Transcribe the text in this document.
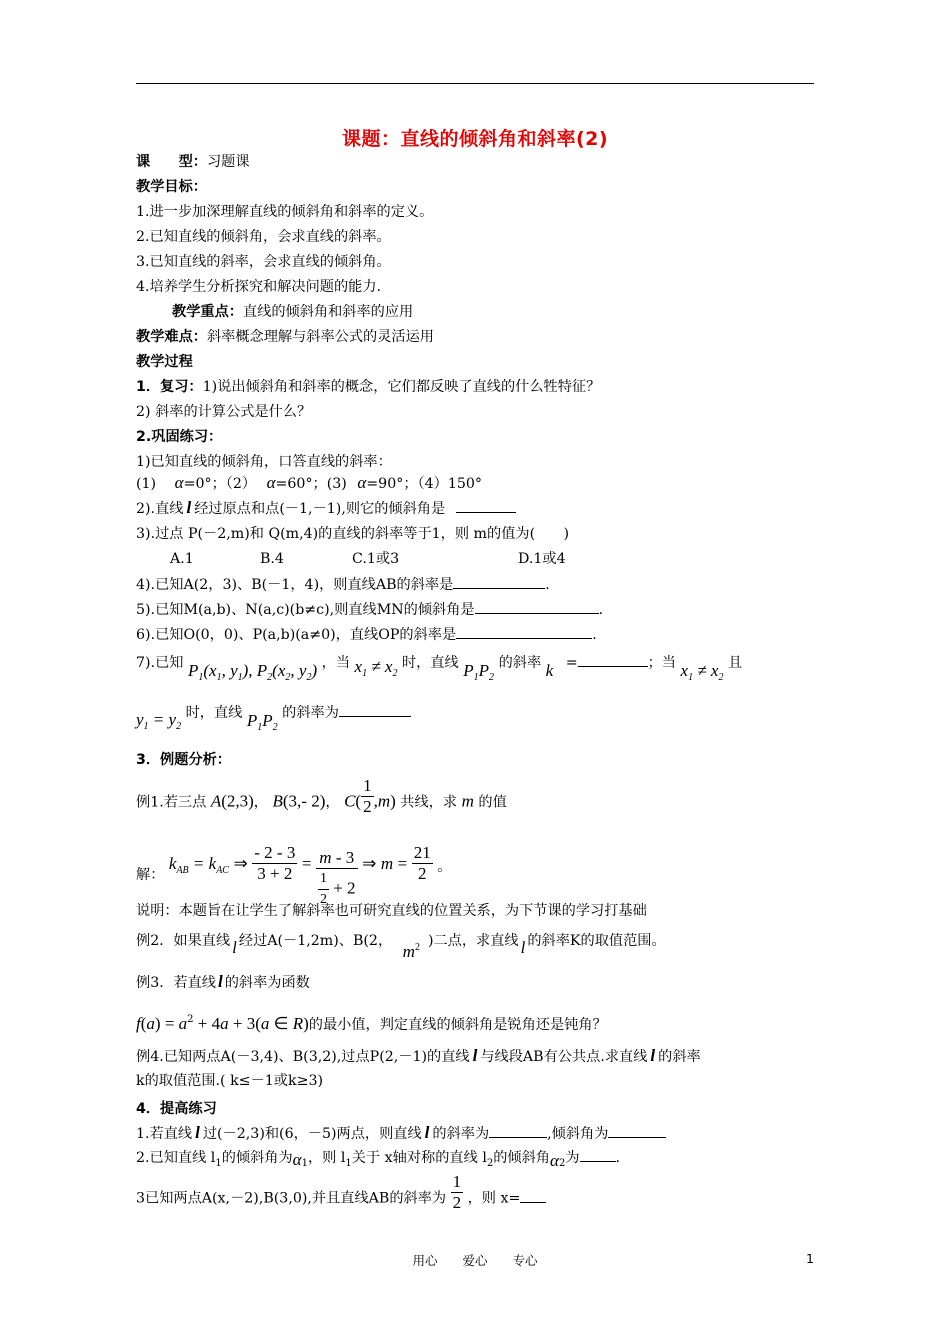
课题：直线的倾斜角和斜率(2)
课　　型：习题课
教学目标：
1.进一步加深理解直线的倾斜角和斜率的定义。
2.已知直线的倾斜角，会求直线的斜率。
3.已知直线的斜率，会求直线的倾斜角。
4.培养学生分析探究和解决问题的能力.
教学重点：直线的倾斜角和斜率的应用
教学难点：斜率概念理解与斜率公式的灵活运用
教学过程
1．复习：1)说出倾斜角和斜率的概念，它们都反映了直线的什么牲特征？
2) 斜率的计算公式是什么？
2.巩固练习：
1)已知直线的倾斜角，口答直线的斜率：
(1) α=0°；（2） α=60°；(3) α=90°；（4）150°
2).直线 l 经过原点和点(－1,－1),则它的倾斜角是
3).过点 P(－2,m)和 Q(m,4)的直线的斜率等于1，则 m的值为(　　)
A.1	B.4	C.1或3	D.1或4
4).已知A(2，3)、B(－1，4)，则直线AB的斜率是	.
5).已知M(a,b)、N(a,c)(b≠c),则直线MN的倾斜角是	.
6).已知O(0，0)、P(a,b)(a≠0)，直线OP的斜率是	.
7).已知 $P_1(x_1$, $y_1$), $P_2(x_2$, $y_2$) ，当 $x_1 \ne x_2$ 时，直线 $P_1P_2$ 的斜率 k =	；当 $x_1 \ne x_2$ 且
$y_1 = y_2$ 时，直线 $P_1P_2$ 的斜率为
3．例题分析：
例1.若三点 A(2,3)， B(3,- 2)， $C( \frac{1}{2} ,m)$ 共线，求 m 的值
解： $k_{AB} = k_{AC}$ ⇒ $\frac{- 2 - 3}{3 + 2} = \frac{m - 3}{\frac{1}{2} + 2}$ ⇒ $m = \frac{21}{2}$ 。
说明：本题旨在让学生了解斜率也可研究直线的位置关系，为下节课的学习打基础
例2．如果直线 l 经过A(－1,2m)、B(2， $m^2$ )二点，求直线 l 的斜率K的取值范围。
例3．若直线 l 的斜率为函数
$f(a) = a^2 + 4a + 3(a$ ∈ R)的最小值，判定直线的倾斜角是锐角还是钝角？
例4.已知两点A(－3,4)、B(3,2),过点P(2,－1)的直线 l 与线段AB有公共点.求直线 l 的斜率
k的取值范围.( k≤－1或k≥3)
4．提高练习
1.若直线 l 过(－2,3)和(6，－5)两点，则直线 l 的斜率为	,倾斜角为
2.已知直线 $l_1$的倾斜角为$\alpha_1$，则 $l_1$关于 x轴对称的直线 $l_2$的倾斜角$\alpha_2$为	.
3已知两点A(x,－2),B(3,0),并且直线AB的斜率为 $\frac{1}{2}$ ，则 x=
用心　　爱心　　专心	1
